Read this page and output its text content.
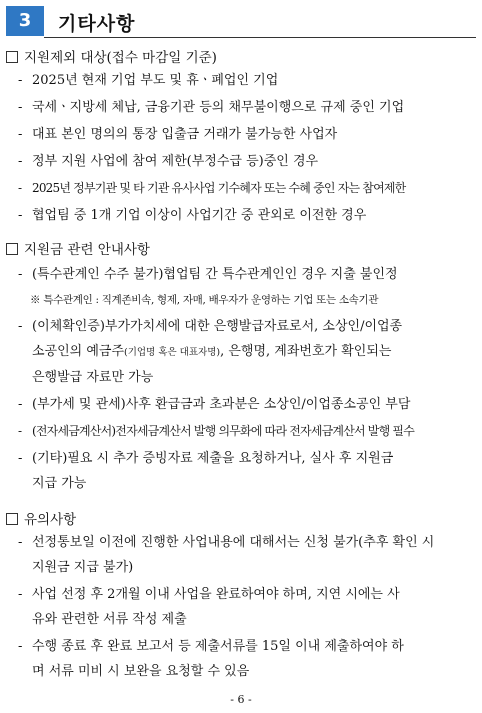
3	기타사항
지원제외 대상(접수 마감일 기준)
- 2025년 현재 기업 부도 및 휴ㆍ폐업인 기업
- 국세ㆍ지방세 체납, 금융기관 등의 채무불이행으로 규제 중인 기업
- 대표 본인 명의의 통장 입출금 거래가 불가능한 사업자
- 정부 지원 사업에 참여 제한(부정수급 등)중인 경우
- 2025년 정부기관 및 타 기관 유사사업 기수혜자 또는 수혜 중인 자는 참여제한
- 협업팀 중 1개 기업 이상이 사업기간 중 관외로 이전한 경우
지원금 관련 안내사항
- (특수관계인 수주 불가)협업팀 간 특수관계인인 경우 지출 불인정
※ 특수관계인 : 직계존비속, 형제, 자매, 배우자가 운영하는 기업 또는 소속기관
- (이체확인증)부가가치세에 대한 은행발급자료로서, 소상인/이업종
소공인의 예금주(기업명 혹은 대표자명), 은행명, 계좌번호가 확인되는
은행발급 자료만 가능
- (부가세 및 관세)사후 환급금과 초과분은 소상인/이업종소공인 부담
- (전자세금계산서)전자세금계산서 발행 의무화에 따라 전자세금계산서 발행 필수
- (기타)필요 시 추가 증빙자료 제출을 요청하거나, 실사 후 지원금
지급 가능
유의사항
- 선정통보일 이전에 진행한 사업내용에 대해서는 신청 불가(추후 확인 시
지원금 지급 불가)
- 사업 선정 후 2개월 이내 사업을 완료하여야 하며, 지연 시에는 사
유와 관련한 서류 작성 제출
- 수행 종료 후 완료 보고서 등 제출서류를 15일 이내 제출하여야 하
며 서류 미비 시 보완을 요청할 수 있음
- 6 -
